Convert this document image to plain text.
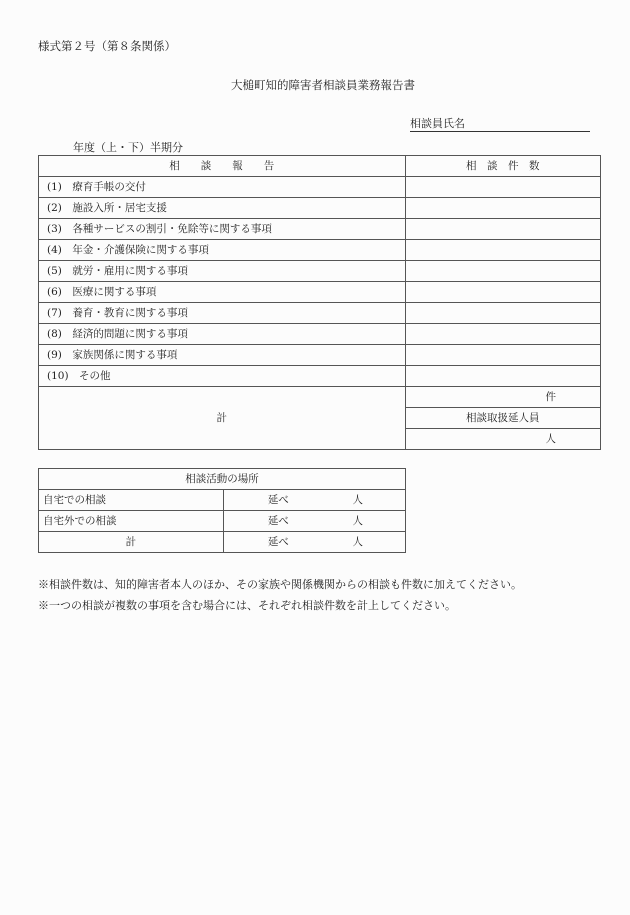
様式第２号（第８条関係）
大槌町知的障害者相談員業務報告書
相談員氏名
年度（上・下）半期分
相　　談　　報　　告	相　談　件　数
(1)　療育手帳の交付	
(2)　施設入所・居宅支援	
(3)　各種サービスの割引・免除等に関する事項	
(4)　年金・介護保険に関する事項	
(5)　就労・雇用に関する事項	
(6)　医療に関する事項	
(7)　養育・教育に関する事項	
(8)　経済的問題に関する事項	
(9)　家族関係に関する事項	
(10)　その他	
計	件
	相談取扱延人員
	人
相談活動の場所	
自宅での相談	延べ 人

自宅外での相談	延べ 人

計	延べ 人
※相談件数は、知的障害者本人のほか、その家族や関係機関からの相談も件数に加えてください。
※一つの相談が複数の事項を含む場合には、それぞれ相談件数を計上してください。
